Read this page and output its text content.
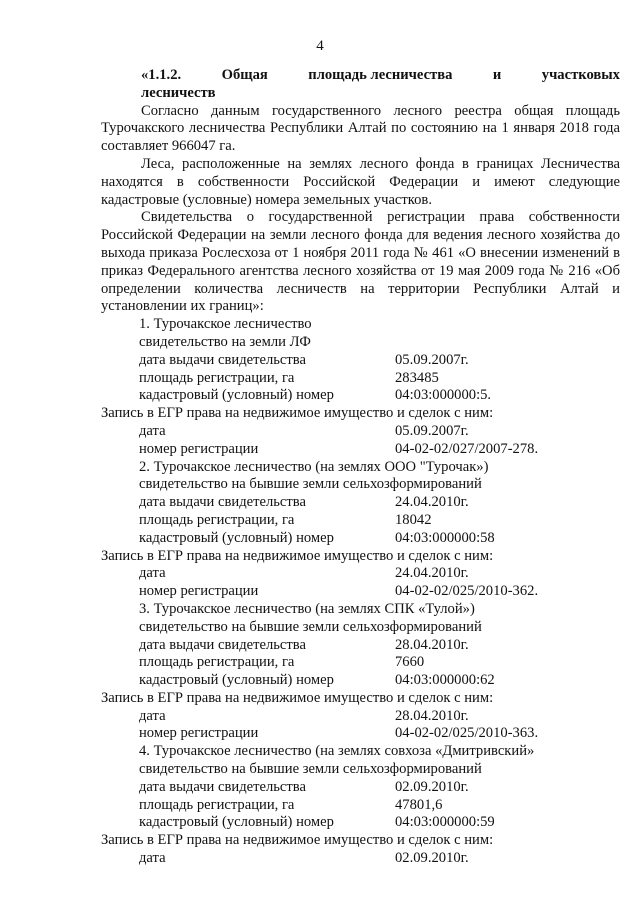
4
«1.1.2.	Общая	площадь лесничества	и	участковых
лесничеств

Согласно данным государственного лесного реестра общая площадь Турочакского лесничества Республики Алтай по состоянию на 1 января 2018 года составляет 966047 га.

Леса, расположенные на землях лесного фонда в границах Лесничества находятся в собственности Российской Федерации и имеют следующие кадастровые (условные) номера земельных участков.

Свидетельства о государственной регистрации права собственности Российской Федерации на земли лесного фонда для ведения лесного хозяйства до выхода приказа Рослесхоза от 1 ноября 2011 года № 461 «О внесении изменений в приказ Федерального агентства лесного хозяйства от 19 мая 2009 года № 216 «Об определении количества лесничеств на территории Республики Алтай и установлении их границ»:

1. Турочакское лесничество
свидетельство на земли ЛФ
дата выдачи свидетельства	05.09.2007г.
площадь регистрации, га	283485
кадастровый (условный) номер	04:03:000000:5.
Запись в ЕГР права на недвижимое имущество и сделок с ним:
дата	05.09.2007г.
номер регистрации	04-02-02/027/2007-278.
2. Турочакское лесничество (на землях ООО "Турочак»)
свидетельство на бывшие земли сельхозформирований
дата выдачи свидетельства	24.04.2010г.
площадь регистрации, га	18042
кадастровый (условный) номер	04:03:000000:58
Запись в ЕГР права на недвижимое имущество и сделок с ним:
дата	24.04.2010г.
номер регистрации	04-02-02/025/2010-362.
3. Турочакское лесничество (на землях СПК «Тулой»)
свидетельство на бывшие земли сельхозформирований
дата выдачи свидетельства	28.04.2010г.
площадь регистрации, га	7660
кадастровый (условный) номер	04:03:000000:62
Запись в ЕГР права на недвижимое имущество и сделок с ним:
дата	28.04.2010г.
номер регистрации	04-02-02/025/2010-363.
4. Турочакское лесничество (на землях совхоза «Дмитривский»
свидетельство на бывшие земли сельхозформирований
дата выдачи свидетельства	02.09.2010г.
площадь регистрации, га	47801,6
кадастровый (условный) номер	04:03:000000:59
Запись в ЕГР права на недвижимое имущество и сделок с ним:
дата	02.09.2010г.
